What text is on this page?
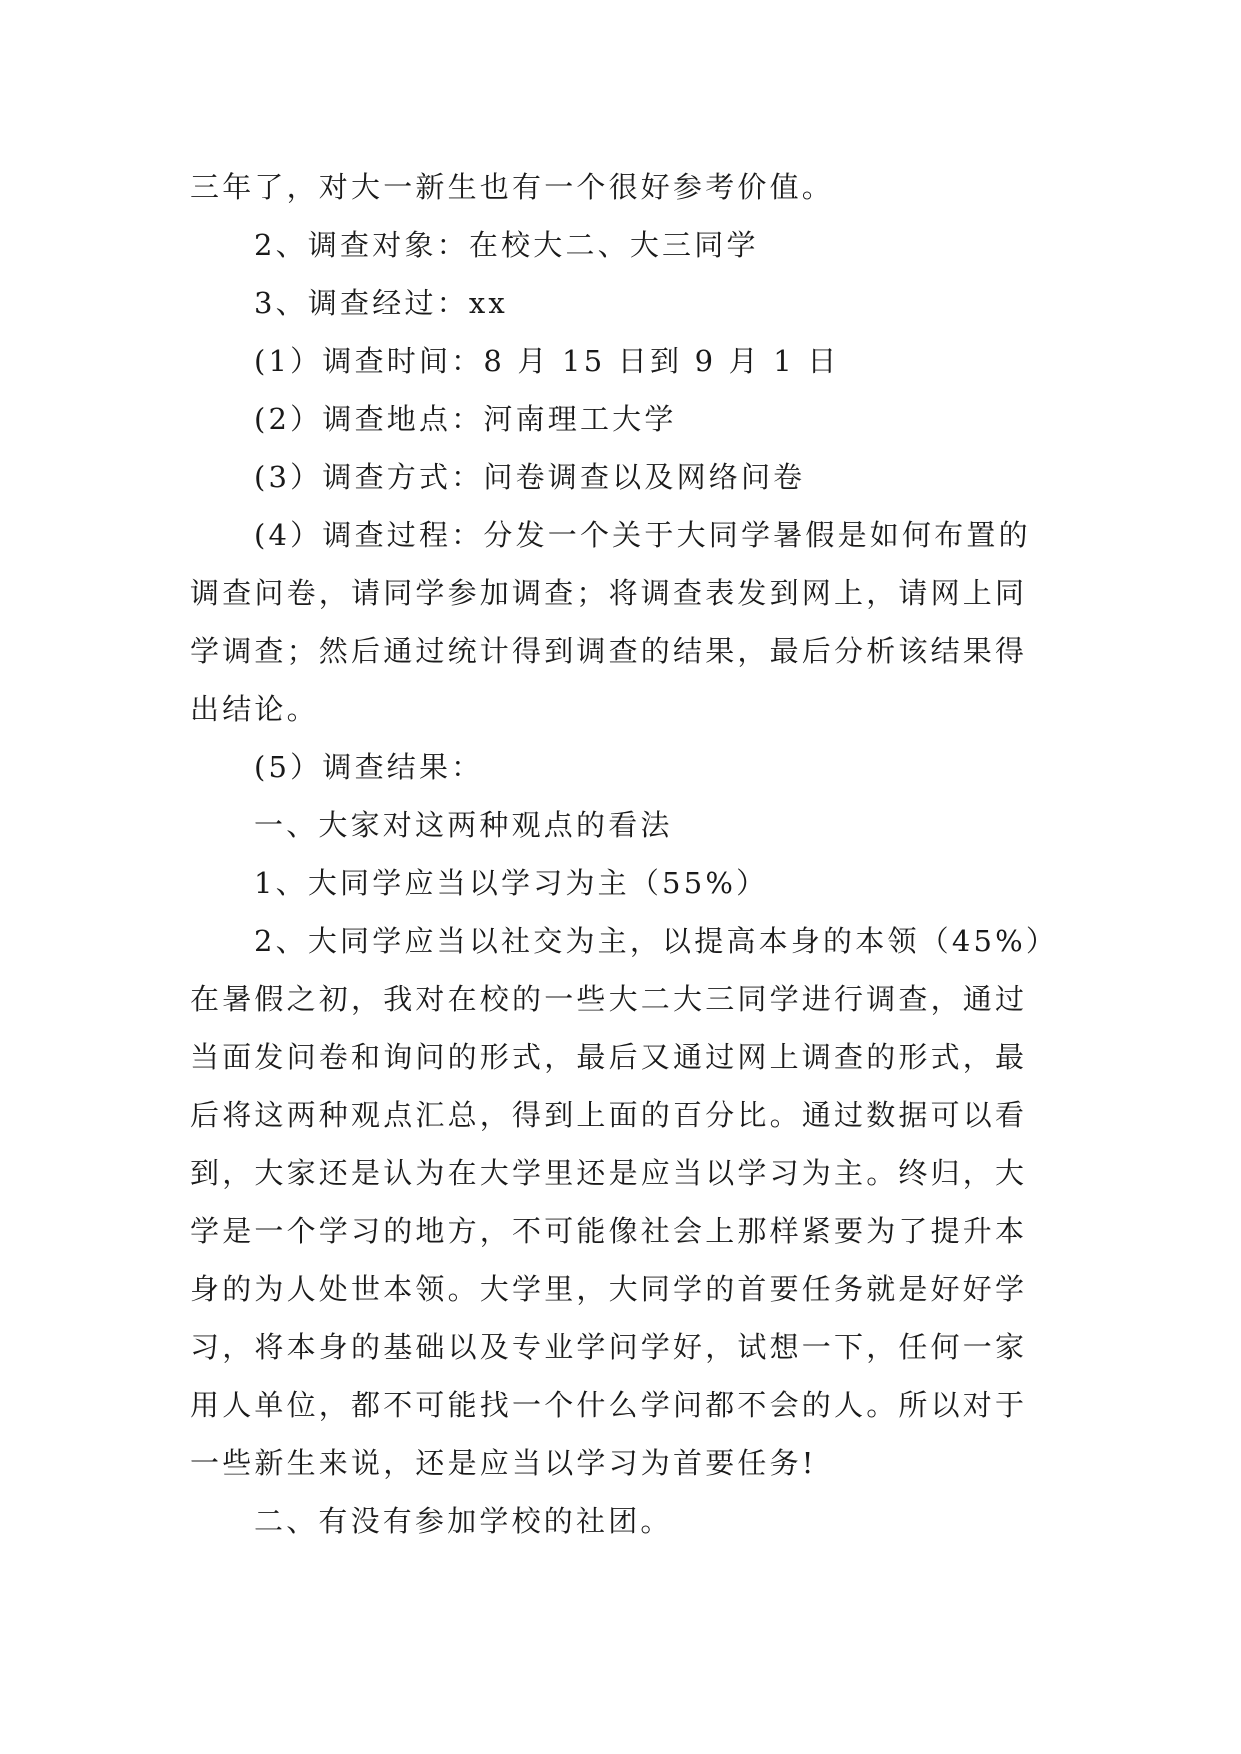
三年了，对大一新生也有一个很好参考价值。
2、调查对象：在校大二、大三同学
3、调查经过：xx
(1）调查时间：8 月 15 日到 9 月 1 日
(2）调查地点：河南理工大学
(3）调查方式：问卷调查以及网络问卷
(4）调查过程：分发一个关于大同学暑假是如何布置的
调查问卷，请同学参加调查；将调查表发到网上，请网上同
学调查；然后通过统计得到调查的结果，最后分析该结果得
出结论。
(5）调查结果：
一、大家对这两种观点的看法
1、大同学应当以学习为主（55%）
2、大同学应当以社交为主，以提高本身的本领（45%）
在暑假之初，我对在校的一些大二大三同学进行调查，通过
当面发问卷和询问的形式，最后又通过网上调查的形式，最
后将这两种观点汇总，得到上面的百分比。通过数据可以看
到，大家还是认为在大学里还是应当以学习为主。终归，大
学是一个学习的地方，不可能像社会上那样紧要为了提升本
身的为人处世本领。大学里，大同学的首要任务就是好好学
习，将本身的基础以及专业学问学好，试想一下，任何一家
用人单位，都不可能找一个什么学问都不会的人。所以对于
一些新生来说，还是应当以学习为首要任务!
二、有没有参加学校的社团。
